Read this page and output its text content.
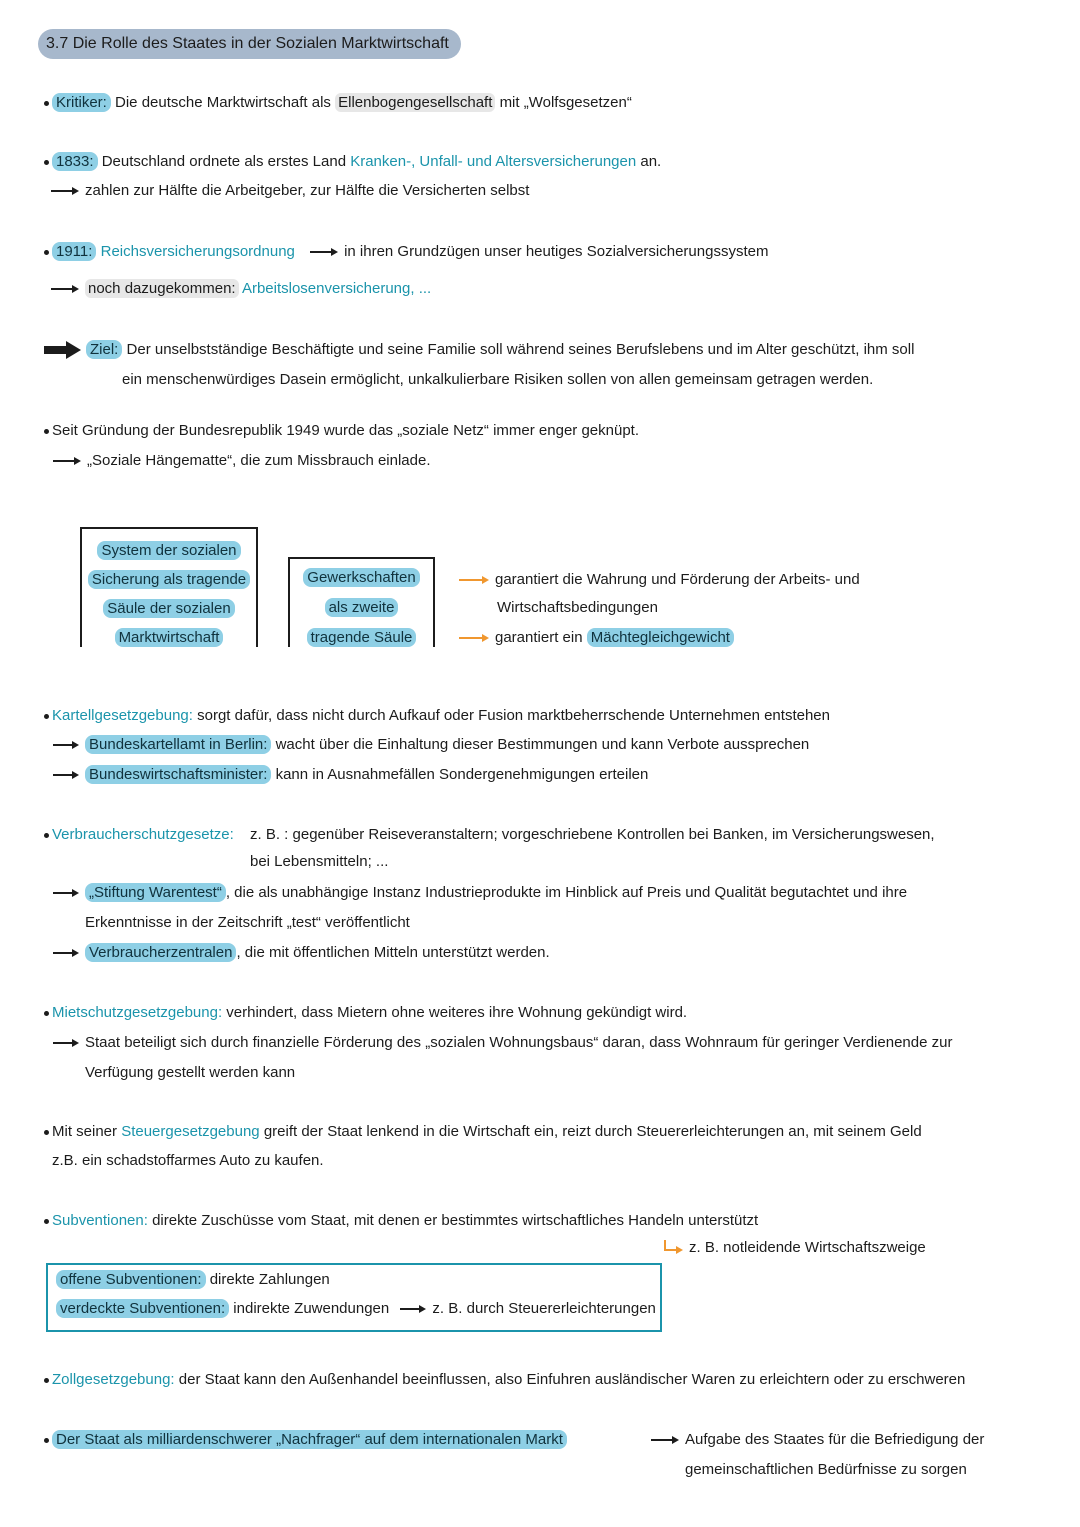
3.7 Die Rolle des Staates in der Sozialen Marktwirtschaft
Kritiker: Die deutsche Marktwirtschaft als Ellenbogengesellschaft mit „Wolfsgesetzen“
1833: Deutschland ordnete als erstes Land Kranken-, Unfall- und Altersversicherungen an.
zahlen zur Hälfte die Arbeitgeber, zur Hälfte die Versicherten selbst
1911: Reichsversicherungsordnung	in ihren Grundzügen unser heutiges Sozialversicherungssystem
noch dazugekommen: Arbeitslosenversicherung, ...
Ziel: Der unselbstständige Beschäftigte und seine Familie soll während seines Berufslebens und im Alter geschützt, ihm soll
ein menschenwürdiges Dasein ermöglicht, unkalkulierbare Risiken sollen von allen gemeinsam getragen werden.
Seit Gründung der Bundesrepublik 1949 wurde das „soziale Netz“ immer enger geknüpt.
„Soziale Hängematte“, die zum Missbrauch einlade.
System der sozialen
Sicherung als tragende
Säule der sozialen
Marktwirtschaft
Gewerkschaften
als zweite
tragende Säule
garantiert die Wahrung und Förderung der Arbeits- und
Wirtschaftsbedingungen
garantiert ein Mächtegleichgewicht
Kartellgesetzgebung: sorgt dafür, dass nicht durch Aufkauf oder Fusion marktbeherrschende Unternehmen entstehen
Bundeskartellamt in Berlin: wacht über die Einhaltung dieser Bestimmungen und kann Verbote aussprechen
Bundeswirtschaftsminister: kann in Ausnahmefällen Sondergenehmigungen erteilen
Verbraucherschutzgesetze: z. B. : gegenüber Reiseveranstaltern; vorgeschriebene Kontrollen bei Banken, im Versicherungswesen,
bei Lebensmitteln; ...
„Stiftung Warentest“ , die als unabhängige Instanz Industrieprodukte im Hinblick auf Preis und Qualität begutachtet und ihre
Erkenntnisse in der Zeitschrift „test“ veröffentlicht
Verbraucherzentralen , die mit öffentlichen Mitteln unterstützt werden.
Mietschutzgesetzgebung: verhindert, dass Mietern ohne weiteres ihre Wohnung gekündigt wird.
Staat beteiligt sich durch finanzielle Förderung des „sozialen Wohnungsbaus“ daran, dass Wohnraum für geringer Verdienende zur
Verfügung gestellt werden kann
Mit seiner Steuergesetzgebung greift der Staat lenkend in die Wirtschaft ein, reizt durch Steuererleichterungen an, mit seinem Geld
z.B. ein schadstoffarmes Auto zu kaufen.
Subventionen: direkte Zuschüsse vom Staat, mit denen er bestimmtes wirtschaftliches Handeln unterstützt
z. B. notleidende Wirtschaftszweige
offene Subventionen: direkte Zahlungen
verdeckte Subventionen: indirekte Zuwendungen	z. B. durch Steuererleichterungen
Zollgesetzgebung: der Staat kann den Außenhandel beeinflussen, also Einfuhren ausländischer Waren zu erleichtern oder zu erschweren
Der Staat als milliardenschwerer „Nachfrager“ auf dem internationalen Markt	Aufgabe des Staates für die Befriedigung der
gemeinschaftlichen Bedürfnisse zu sorgen
